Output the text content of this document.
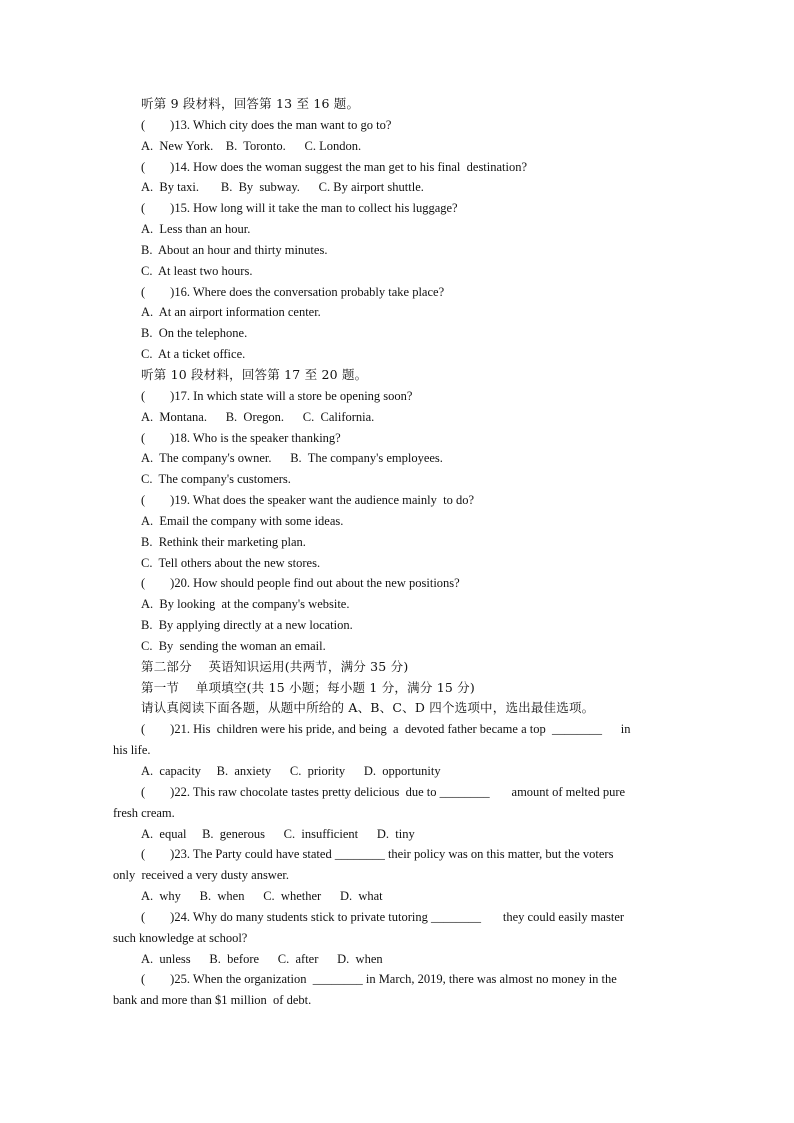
听第 9 段材料，回答第 13 至 16 题。
(        )13. Which city does the man want to go to?
A.  New York.    B.  Toronto.      C. London.
(        )14. How does the woman suggest the man get to his final  destination?
A.  By taxi.       B.  By  subway.      C. By airport shuttle.
(        )15. How long will it take the man to collect his luggage?
A.  Less than an hour.
B.  About an hour and thirty minutes.
C.  At least two hours.
(        )16. Where does the conversation probably take place?
A.  At an airport information center.
B.  On the telephone.
C.  At a ticket office.
听第 10 段材料，回答第 17 至 20 题。
(        )17. In which state will a store be opening soon?
A.  Montana.      B.  Oregon.      C.  California.
(        )18. Who is the speaker thanking?
A.  The company's owner.      B.  The company's employees.
C.  The company's customers.
(        )19. What does the speaker want the audience mainly  to do?
A.  Email the company with some ideas.
B.  Rethink their marketing plan.
C.  Tell others about the new stores.
(        )20. How should people find out about the new positions?
A.  By looking  at the company's website.
B.  By applying directly at a new location.
C.  By  sending the woman an email.
第二部分    英语知识运用(共两节，满分 35 分)
第一节    单项填空(共 15 小题；每小题 1 分，满分 15 分)
请认真阅读下面各题，从题中所给的 A、B、C、D 四个选项中，选出最佳选项。
(        )21. His  children were his pride, and being  a  devoted father became a top  ________      in
his life.
A.  capacity     B.  anxiety      C.  priority      D.  opportunity
(        )22. This raw chocolate tastes pretty delicious  due to ________       amount of melted pure
fresh cream.
A.  equal     B.  generous      C.  insufficient      D.  tiny
(        )23. The Party could have stated ________ their policy was on this matter, but the voters
only  received a very dusty answer.
A.  why      B.  when      C.  whether      D.  what
(        )24. Why do many students stick to private tutoring ________       they could easily master
such knowledge at school?
A.  unless      B.  before      C.  after      D.  when
(        )25. When the organization  ________ in March, 2019, there was almost no money in the
bank and more than $1 million  of debt.
